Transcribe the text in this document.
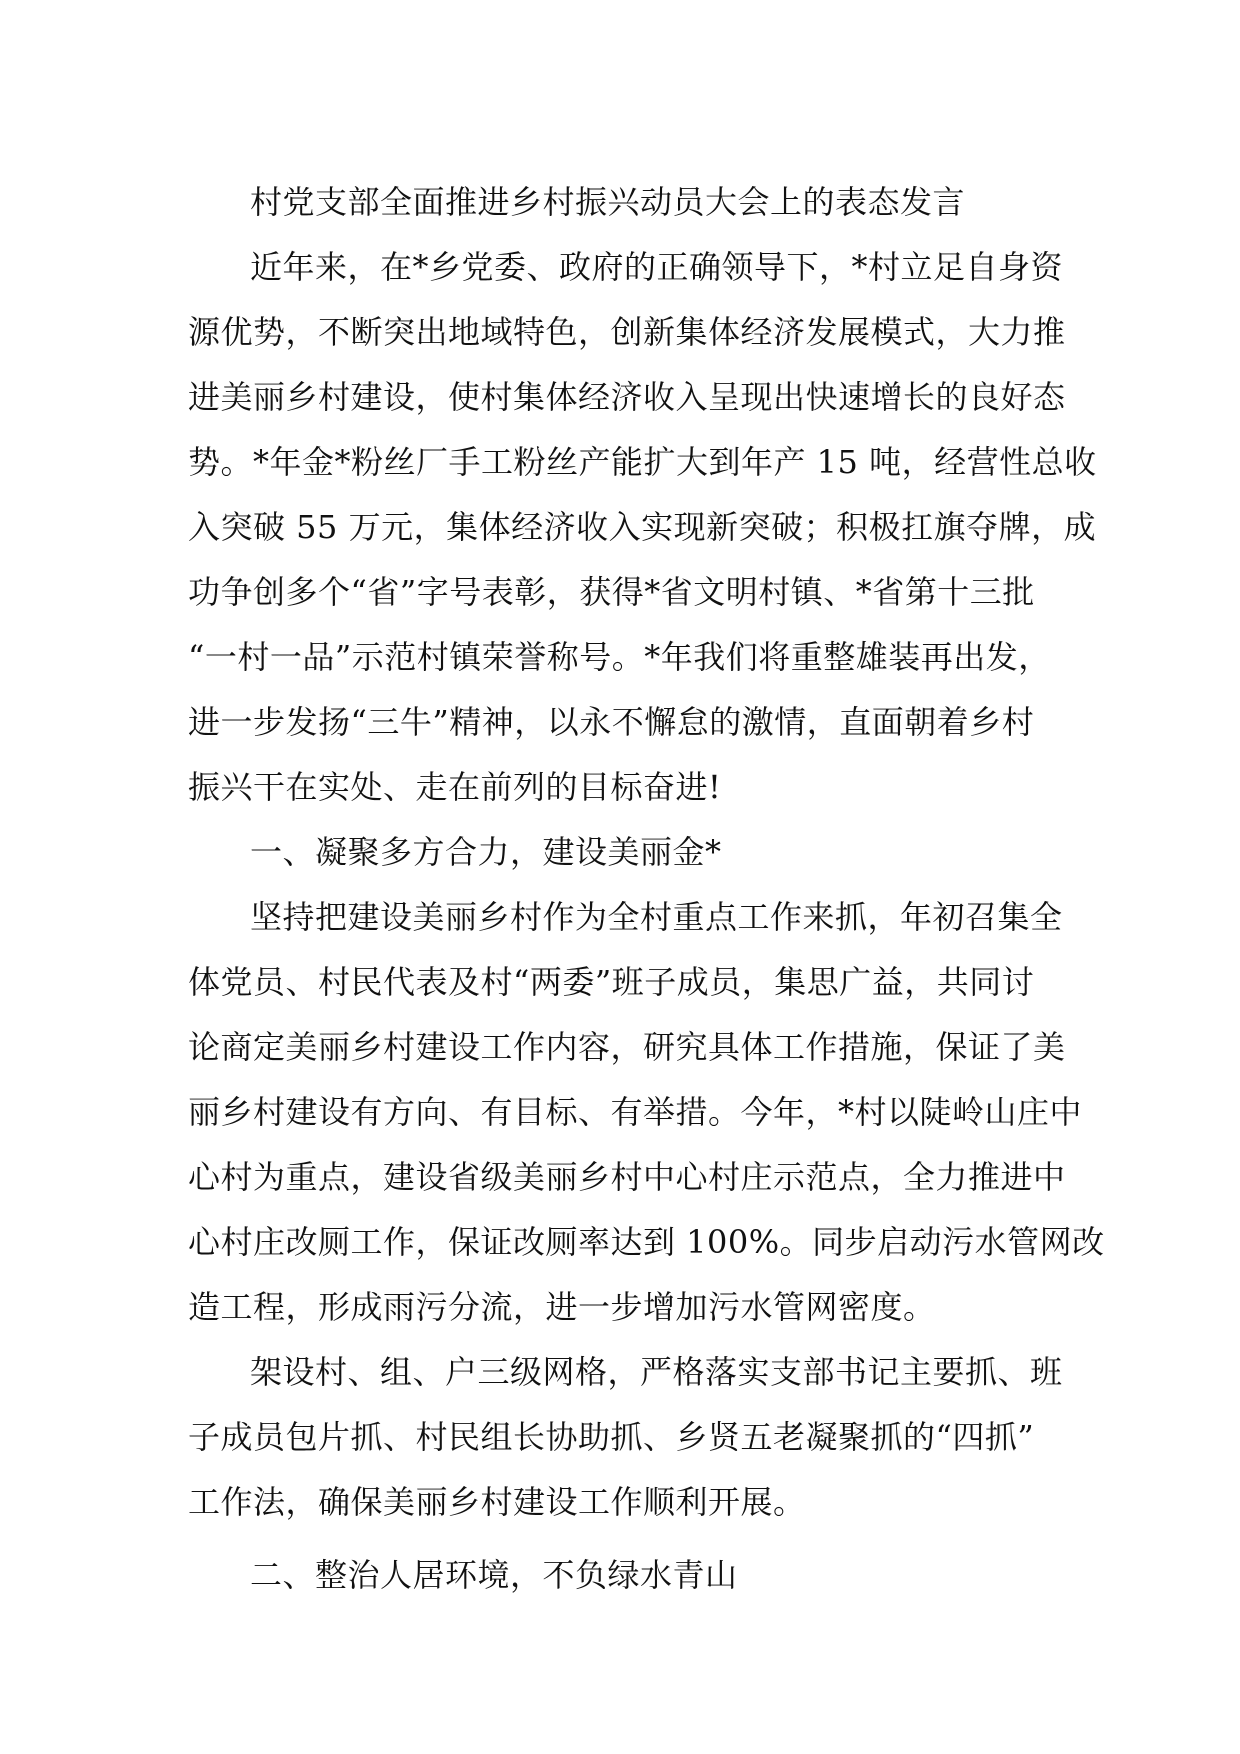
村党支部全面推进乡村振兴动员大会上的表态发言
近年来，在*乡党委、政府的正确领导下，*村立足自身资
源优势，不断突出地域特色，创新集体经济发展模式，大力推
进美丽乡村建设，使村集体经济收入呈现出快速增长的良好态
势。*年金*粉丝厂手工粉丝产能扩大到年产 15 吨，经营性总收
入突破 55 万元，集体经济收入实现新突破；积极扛旗夺牌，成
功争创多个“省”字号表彰，获得*省文明村镇、*省第十三批
“一村一品”示范村镇荣誉称号。*年我们将重整雄装再出发，
进一步发扬“三牛”精神，以永不懈怠的激情，直面朝着乡村
振兴干在实处、走在前列的目标奋进!
一、凝聚多方合力，建设美丽金*
坚持把建设美丽乡村作为全村重点工作来抓，年初召集全
体党员、村民代表及村“两委”班子成员，集思广益，共同讨
论商定美丽乡村建设工作内容，研究具体工作措施，保证了美
丽乡村建设有方向、有目标、有举措。今年，*村以陡岭山庄中
心村为重点，建设省级美丽乡村中心村庄示范点，全力推进中
心村庄改厕工作，保证改厕率达到 100%。同步启动污水管网改
造工程，形成雨污分流，进一步增加污水管网密度。
架设村、组、户三级网格，严格落实支部书记主要抓、班
子成员包片抓、村民组长协助抓、乡贤五老凝聚抓的“四抓”
工作法，确保美丽乡村建设工作顺利开展。
二、整治人居环境，不负绿水青山
